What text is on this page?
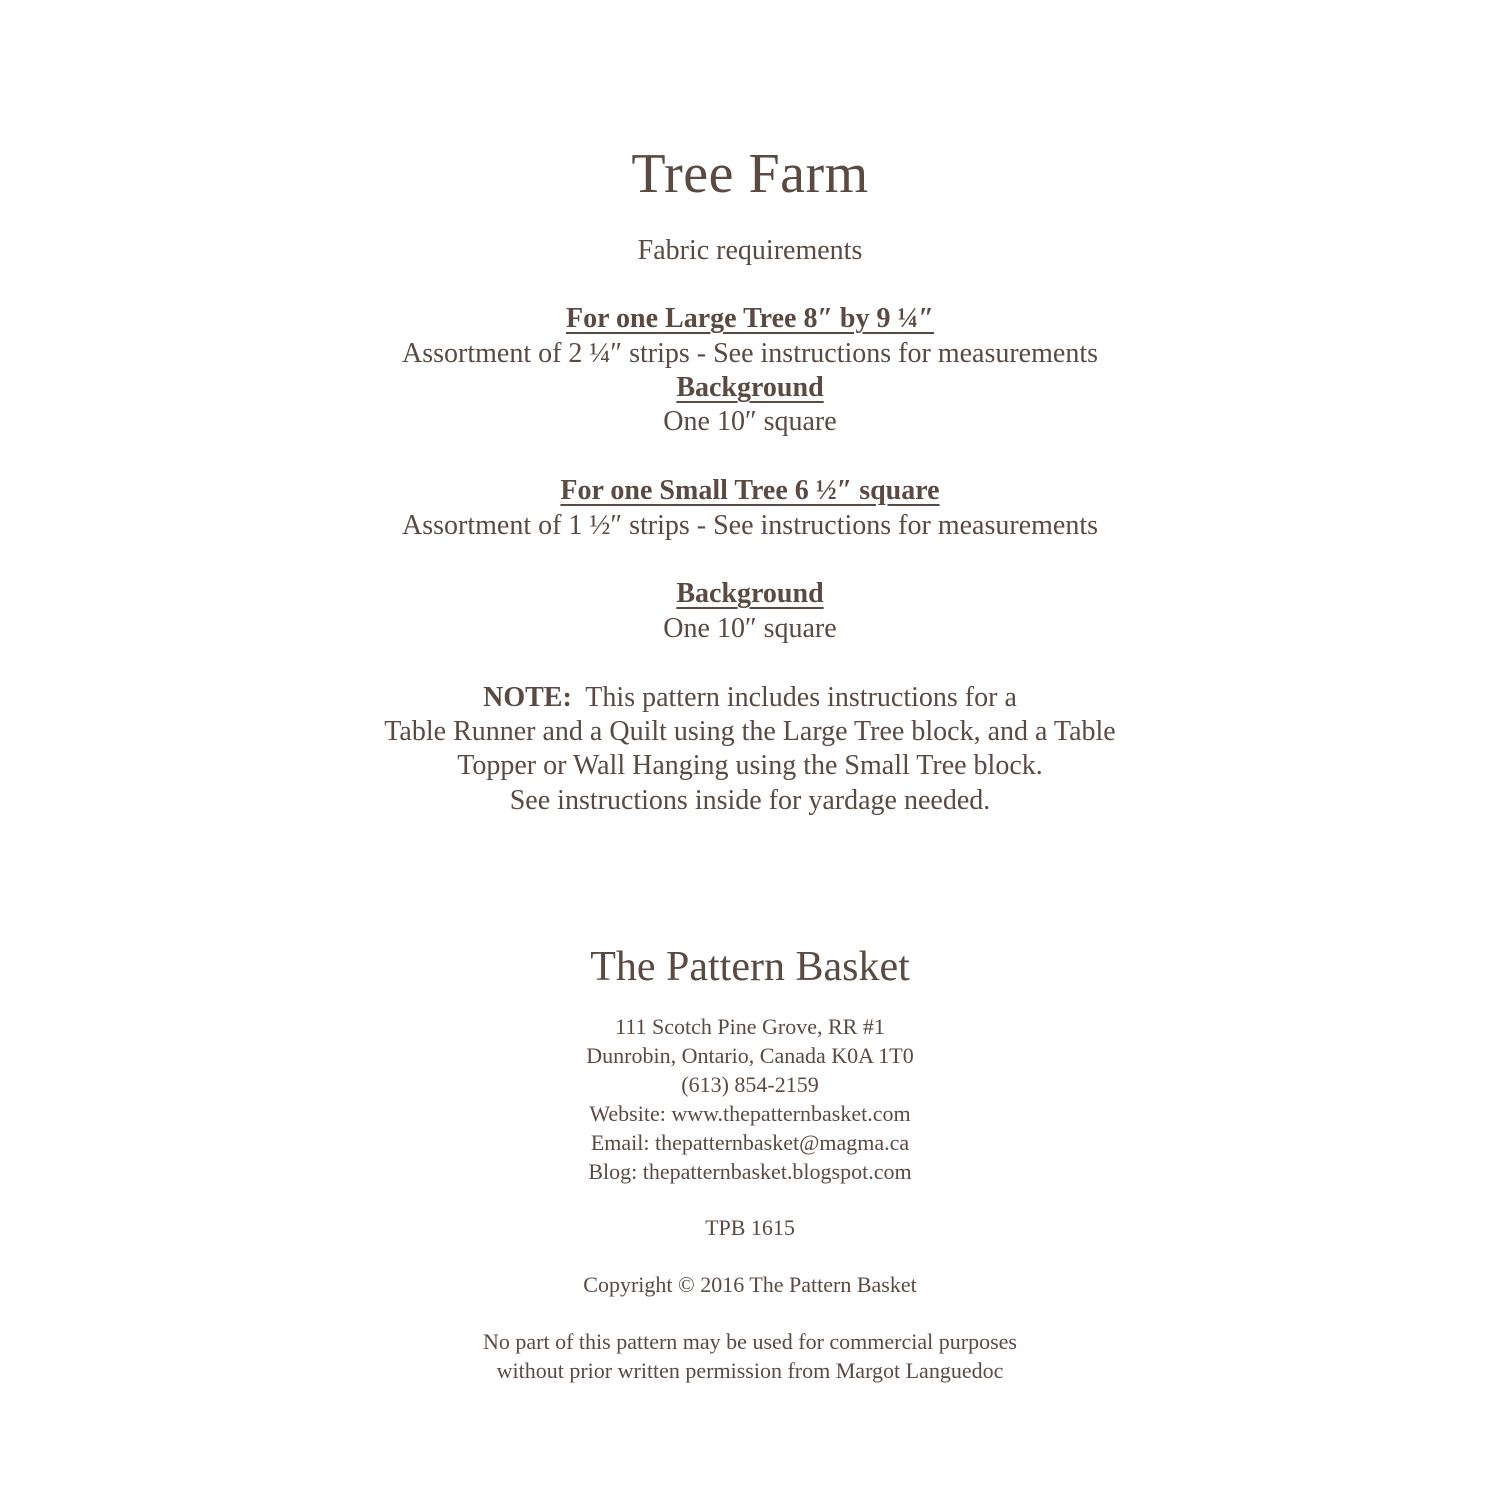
Tree Farm
Fabric requirements
For one Large Tree 8″ by 9 ¼″
Assortment of 2 ¼″ strips - See instructions for measurements
Background
One 10″ square
For one Small Tree 6 ½″ square
Assortment of 1 ½″ strips - See instructions for measurements
Background
One 10″ square
NOTE:  This pattern includes instructions for a
Table Runner and a Quilt using the Large Tree block, and a Table
Topper or Wall Hanging using the Small Tree block.
See instructions inside for yardage needed.
The Pattern Basket
111 Scotch Pine Grove, RR #1
Dunrobin, Ontario, Canada K0A 1T0
(613) 854-2159
Website: www.thepatternbasket.com
Email: thepatternbasket@magma.ca
Blog: thepatternbasket.blogspot.com
TPB 1615
Copyright © 2016 The Pattern Basket
No part of this pattern may be used for commercial purposes
without prior written permission from Margot Languedoc
